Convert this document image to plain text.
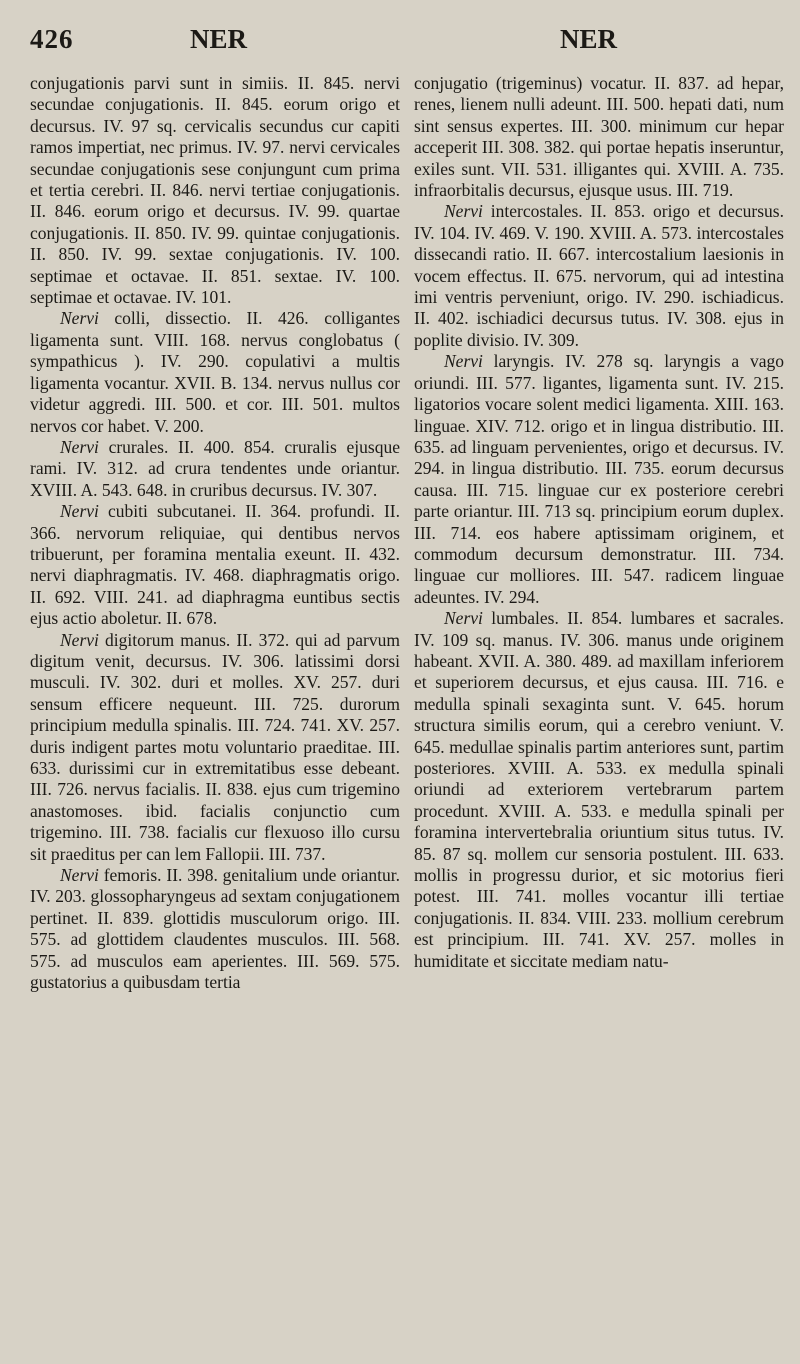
426	NER	NER

conjugationis parvi sunt in simiis. II. 845. nervi secundae conjugationis. II. 845. eorum origo et decursus. IV. 97 sq. cervicalis secundus cur capiti ramos impertiat, nec primus. IV. 97. nervi cervicales secundae conjugationis sese conjungunt cum prima et tertia cerebri. II. 846. nervi tertiae conjugationis. II. 846. eorum origo et decursus. IV. 99. quartae conjugationis. II. 850. IV. 99. quintae conjugationis. II. 850. IV. 99. sextae conjugationis. IV. 100. septimae et octavae. II. 851. sextae. IV. 100. septimae et octavae. IV. 101.

Nervi colli, dissectio. II. 426. colligantes ligamenta sunt. VIII. 168. nervus conglobatus ( sympathicus ). IV. 290. copulativi a multis ligamenta vocantur. XVII. B. 134. nervus nullus cor videtur aggredi. III. 500. et cor. III. 501. multos nervos cor habet. V. 200.

Nervi crurales. II. 400. 854. cruralis ejusque rami. IV. 312. ad crura tendentes unde oriantur. XVIII. A. 543. 648. in cruribus decursus. IV. 307.

Nervi cubiti subcutanei. II. 364. profundi. II. 366. nervorum reliquiae, qui dentibus nervos tribuerunt, per foramina mentalia exeunt. II. 432. nervi diaphragmatis. IV. 468. diaphragmatis origo. II. 692. VIII. 241. ad diaphragma euntibus sectis ejus actio aboletur. II. 678.

Nervi digitorum manus. II. 372. qui ad parvum digitum venit, decursus. IV. 306. latissimi dorsi musculi. IV. 302. duri et molles. XV. 257. duri sensum efficere nequeunt. III. 725. durorum principium medulla spinalis. III. 724. 741. XV. 257. duris indigent partes motu voluntario praeditae. III. 633. durissimi cur in extremitatibus esse debeant. III. 726. nervus facialis. II. 838. ejus cum trigemino anastomoses. ibid. facialis conjunctio cum trigemino. III. 738. facialis cur flexuoso illo cursu sit praeditus per can lem Fallopii. III. 737.

Nervi femoris. II. 398. genitalium unde oriantur. IV. 203. glossopharyngeus ad sextam conjugationem pertinet. II. 839. glottidis musculorum origo. III. 575. ad glottidem claudentes musculos. III. 568. 575. ad musculos eam aperientes. III. 569. 575. gustatorius a quibusdam tertia

conjugatio (trigeminus) vocatur. II. 837. ad hepar, renes, lienem nulli adeunt. III. 500. hepati dati, num sint sensus expertes. III. 300. minimum cur hepar acceperit III. 308. 382. qui portae hepatis inseruntur, exiles sunt. VII. 531. illigantes qui. XVIII. A. 735. infraorbitalis decursus, ejusque usus. III. 719.

Nervi intercostales. II. 853. origo et decursus. IV. 104. IV. 469. V. 190. XVIII. A. 573. intercostales dissecandi ratio. II. 667. intercostalium laesionis in vocem effectus. II. 675. nervorum, qui ad intestina imi ventris perveniunt, origo. IV. 290. ischiadicus. II. 402. ischiadici decursus tutus. IV. 308. ejus in poplite divisio. IV. 309.

Nervi laryngis. IV. 278 sq. laryngis a vago oriundi. III. 577. ligantes, ligamenta sunt. IV. 215. ligatorios vocare solent medici ligamenta. XIII. 163. linguae. XIV. 712. origo et in lingua distributio. III. 635. ad linguam pervenientes, origo et decursus. IV. 294. in lingua distributio. III. 735. eorum decursus causa. III. 715. linguae cur ex posteriore cerebri parte oriantur. III. 713 sq. principium eorum duplex. III. 714. eos habere aptissimam originem, et commodum decursum demonstratur. III. 734. linguae cur molliores. III. 547. radicem linguae adeuntes. IV. 294.

Nervi lumbales. II. 854. lumbares et sacrales. IV. 109 sq. manus. IV. 306. manus unde originem habeant. XVII. A. 380. 489. ad maxillam inferiorem et superiorem decursus, et ejus causa. III. 716. e medulla spinali sexaginta sunt. V. 645. horum structura similis eorum, qui a cerebro veniunt. V. 645. medullae spinalis partim anteriores sunt, partim posteriores. XVIII. A. 533. ex medulla spinali oriundi ad exteriorem vertebrarum partem procedunt. XVIII. A. 533. e medulla spinali per foramina intervertebralia oriuntium situs tutus. IV. 85. 87 sq. mollem cur sensoria postulent. III. 633. mollis in progressu durior, et sic motorius fieri potest. III. 741. molles vocantur illi tertiae conjugationis. II. 834. VIII. 233. mollium cerebrum est principium. III. 741. XV. 257. molles in humiditate et siccitate mediam natu-
